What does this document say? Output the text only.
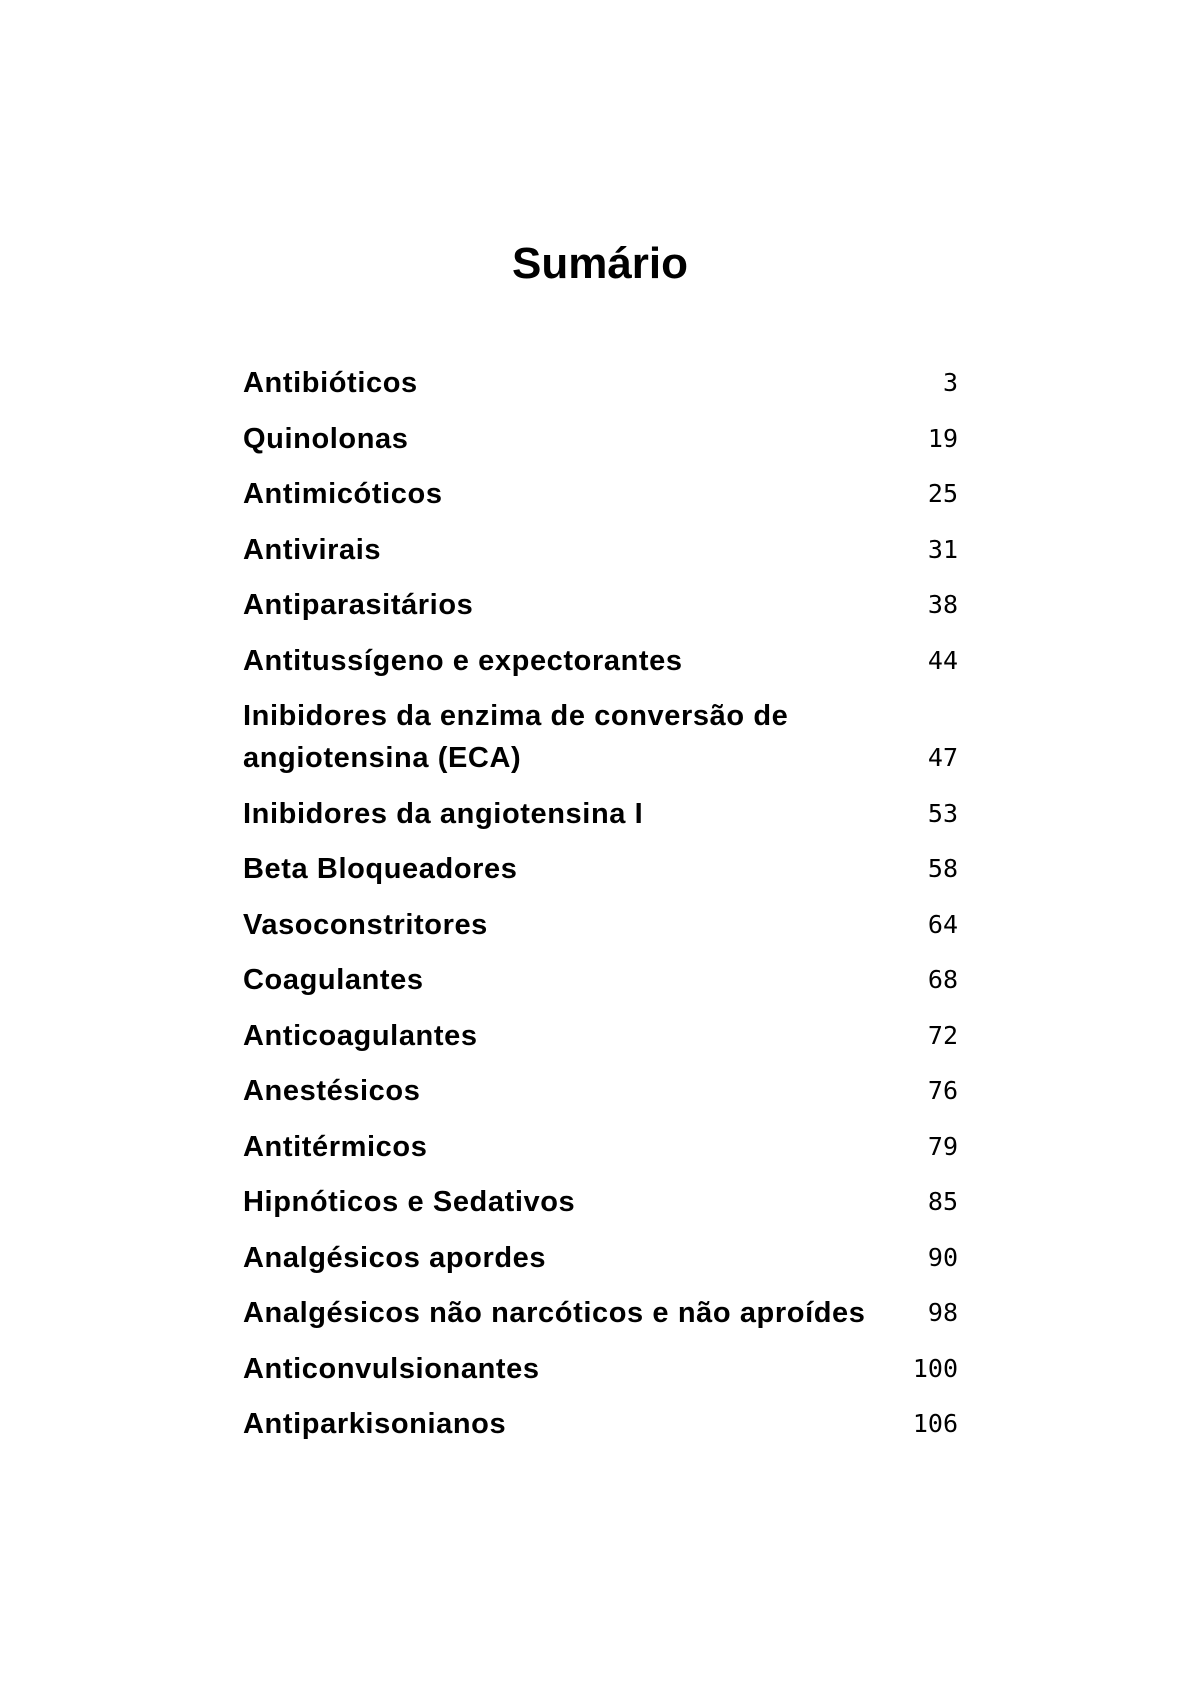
Sumário
Antibióticos	3
Quinolonas	19
Antimicóticos	25
Antivirais	31
Antiparasitários	38
Antitussígeno e expectorantes	44
Inibidores da enzima de conversão de
angiotensina (ECA)	47
Inibidores da angiotensina I	53
Beta Bloqueadores	58
Vasoconstritores	64
Coagulantes	68
Anticoagulantes	72
Anestésicos	76
Antitérmicos	79
Hipnóticos e Sedativos	85
Analgésicos apordes	90
Analgésicos não narcóticos e não aproídes	98
Anticonvulsionantes	100
Antiparkisonianos	106
